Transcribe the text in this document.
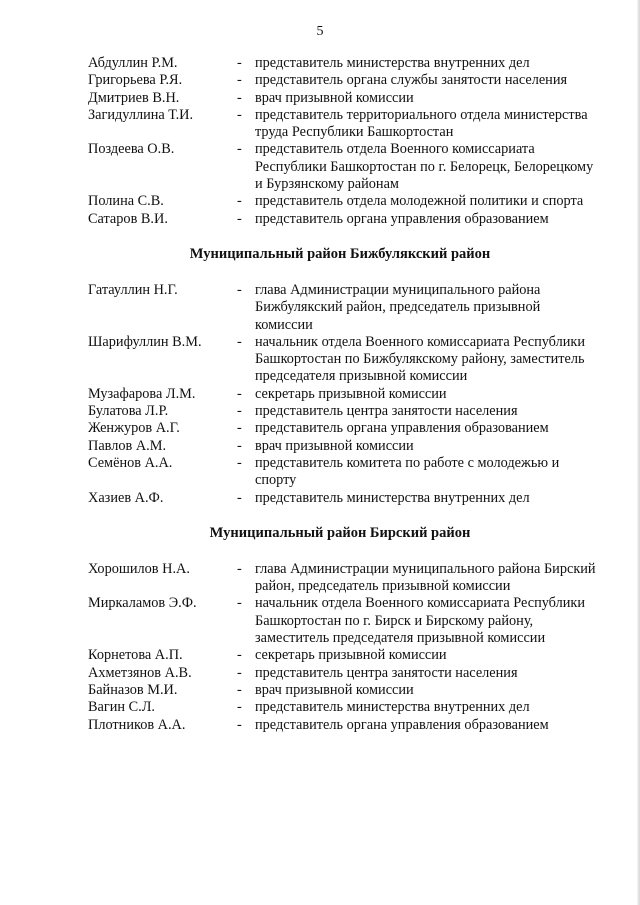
5
Абдуллин Р.М.	- представитель министерства внутренних дел
Григорьева Р.Я.	- представитель органа службы занятости населения
Дмитриев В.Н.	- врач призывной комиссии
Загидуллина Т.И.	- представитель территориального отдела министерства труда Республики Башкортостан
Поздеева О.В.	- представитель отдела Военного комиссариата Республики Башкортостан по г. Белорецк, Белорецкому и Бурзянскому районам
Полина С.В.	- представитель отдела молодежной политики и спорта
Сатаров В.И.	- представитель органа управления образованием
Муниципальный район Бижбулякский район
Гатауллин Н.Г.	- глава Администрации муниципального района Бижбулякский район, председатель призывной комиссии
Шарифуллин В.М. - начальник отдела Военного комиссариата Республики Башкортостан по Бижбулякскому району, заместитель председателя призывной комиссии
Музафарова Л.М.	- секретарь призывной комиссии
Булатова Л.Р.	- представитель центра занятости населения
Женжуров А.Г.	- представитель органа управления образованием
Павлов А.М.	- врач призывной комиссии
Семёнов А.А.	- представитель комитета по работе с молодежью и спорту
Хазиев А.Ф.	- представитель министерства внутренних дел
Муниципальный район Бирский район
Хорошилов Н.А.	- глава Администрации муниципального района Бирский район, председатель призывной комиссии
Миркаламов Э.Ф.	- начальник отдела Военного комиссариата Республики Башкортостан по г. Бирск и Бирскому району, заместитель председателя призывной комиссии
Корнетова А.П.	- секретарь призывной комиссии
Ахметзянов А.В.	- представитель центра занятости населения
Байназов М.И.	- врач призывной комиссии
Вагин С.Л.	- представитель министерства внутренних дел
Плотников А.А.	- представитель органа управления образованием
